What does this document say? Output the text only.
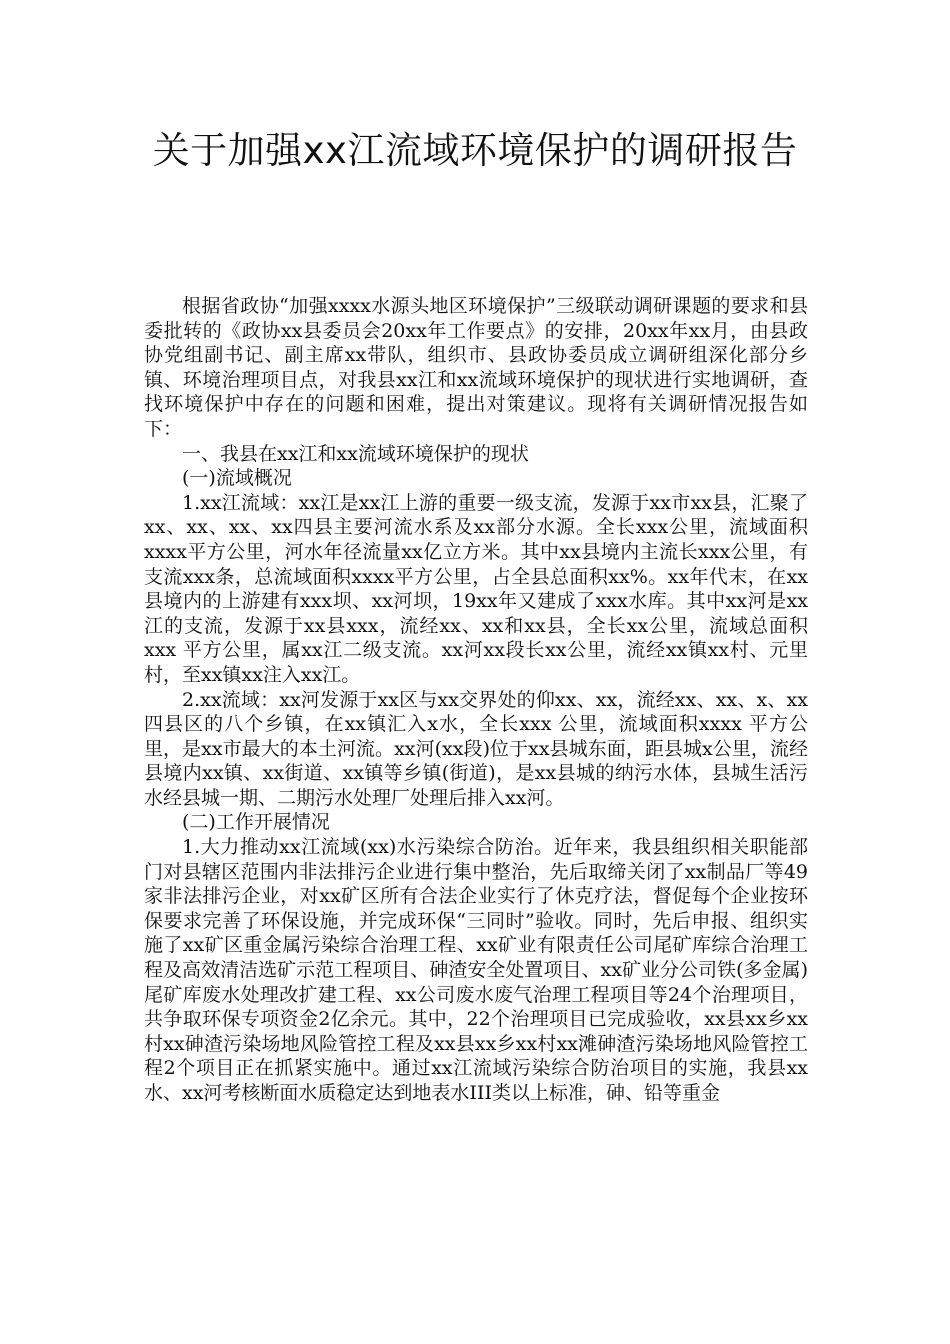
关于加强xx江流域环境保护的调研报告

根据省政协“加强xxxx水源头地区环境保护”三级联动调研课题的要求和县委批转的《政协xx县委员会20xx年工作要点》的安排，20xx年xx月，由县政协党组副书记、副主席xx带队，组织市、县政协委员成立调研组深化部分乡镇、环境治理项目点，对我县xx江和xx流域环境保护的现状进行实地调研，查找环境保护中存在的问题和困难，提出对策建议。现将有关调研情况报告如下：

一、我县在xx江和xx流域环境保护的现状

(一)流域概况

1.xx江流域：xx江是xx江上游的重要一级支流，发源于xx市xx县，汇聚了xx、xx、xx、xx四县主要河流水系及xx部分水源。全长xxx公里，流域面积xxxx平方公里，河水年径流量xx亿立方米。其中xx县境内主流长xxx公里，有支流xxx条，总流域面积xxxx平方公里，占全县总面积xx%。xx年代末，在xx县境内的上游建有xxx坝、xx河坝，19xx年又建成了xxx水库。其中xx河是xx江的支流，发源于xx县xxx，流经xx、xx和xx县，全长xx公里，流域总面积xxx 平方公里，属xx江二级支流。xx河xx段长xx公里，流经xx镇xx村、元里村，至xx镇xx注入xx江。

2.xx流域：xx河发源于xx区与xx交界处的仰xx、xx，流经xx、xx、x、xx四县区的八个乡镇，在xx镇汇入x水，全长xxx 公里，流域面积xxxx 平方公里，是xx市最大的本土河流。xx河(xx段)位于xx县城东面，距县城x公里，流经县境内xx镇、xx街道、xx镇等乡镇(街道)，是xx县城的纳污水体，县城生活污水经县城一期、二期污水处理厂处理后排入xx河。

(二)工作开展情况

1.大力推动xx江流域(xx)水污染综合防治。近年来，我县组织相关职能部门对县辖区范围内非法排污企业进行集中整治，先后取缔关闭了xx制品厂等49家非法排污企业，对xx矿区所有合法企业实行了休克疗法，督促每个企业按环保要求完善了环保设施，并完成环保“三同时”验收。同时，先后申报、组织实施了xx矿区重金属污染综合治理工程、xx矿业有限责任公司尾矿库综合治理工程及高效清洁选矿示范工程项目、砷渣安全处置项目、xx矿业分公司铁(多金属)尾矿库废水处理改扩建工程、xx公司废水废气治理工程项目等24个治理项目，共争取环保专项资金2亿余元。其中，22个治理项目已完成验收，xx县xx乡xx村xx砷渣污染场地风险管控工程及xx县xx乡xx村xx滩砷渣污染场地风险管控工程2个项目正在抓紧实施中。通过xx江流域污染综合防治项目的实施，我县xx水、xx河考核断面水质稳定达到地表水III类以上标准，砷、铅等重金
